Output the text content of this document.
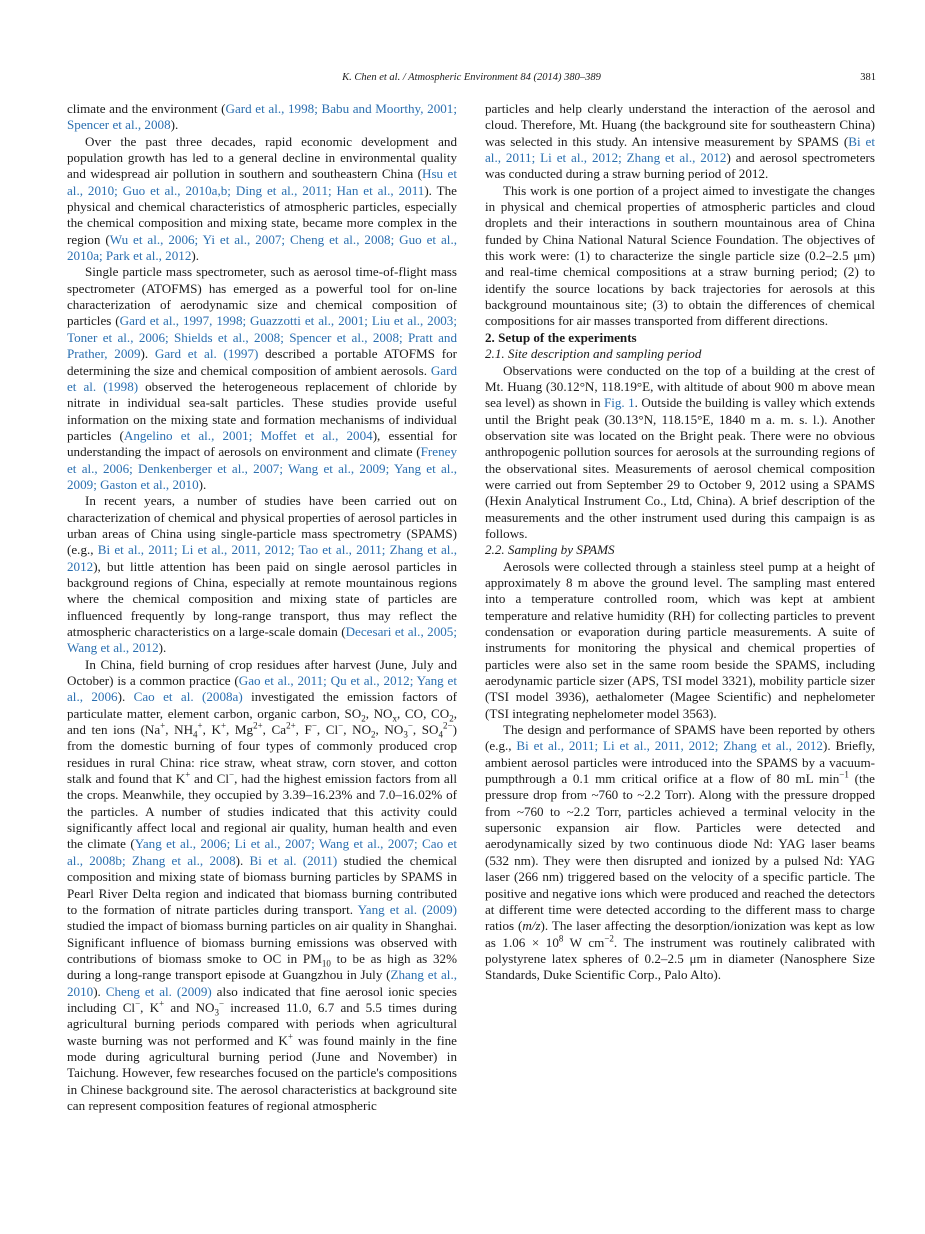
K. Chen et al. / Atmospheric Environment 84 (2014) 380–389	381

climate and the environment (Gard et al., 1998; Babu and Moorthy, 2001; Spencer et al., 2008).

Over the past three decades, rapid economic development and population growth has led to a general decline in environmental quality and widespread air pollution in southern and southeastern China (Hsu et al., 2010; Guo et al., 2010a,b; Ding et al., 2011; Han et al., 2011). The physical and chemical characteristics of atmospheric particles, especially the chemical composition and mixing state, became more complex in the region (Wu et al., 2006; Yi et al., 2007; Cheng et al., 2008; Guo et al., 2010a; Park et al., 2012).

Single particle mass spectrometer, such as aerosol time-of-flight mass spectrometer (ATOFMS) has emerged as a powerful tool for on-line characterization of aerodynamic size and chemical composition of particles (Gard et al., 1997, 1998; Guazzotti et al., 2001; Liu et al., 2003; Toner et al., 2006; Shields et al., 2008; Spencer et al., 2008; Pratt and Prather, 2009). Gard et al. (1997) described a portable ATOFMS for determining the size and chemical composition of ambient aerosols. Gard et al. (1998) observed the heterogeneous replacement of chloride by nitrate in individual sea-salt particles. These studies provide useful information on the mixing state and formation mechanisms of individual particles (Angelino et al., 2001; Moffet et al., 2004), essential for understanding the impact of aerosols on environment and climate (Freney et al., 2006; Denkenberger et al., 2007; Wang et al., 2009; Yang et al., 2009; Gaston et al., 2010).

In recent years, a number of studies have been carried out on characterization of chemical and physical properties of aerosol particles in urban areas of China using single-particle mass spectrometry (SPAMS) (e.g., Bi et al., 2011; Li et al., 2011, 2012; Tao et al., 2011; Zhang et al., 2012), but little attention has been paid on single aerosol particles in background regions of China, especially at remote mountainous regions where the chemical composition and mixing state of particles are influenced frequently by long-range transport, thus may reflect the atmospheric characteristics on a large-scale domain (Decesari et al., 2005; Wang et al., 2012).

In China, field burning of crop residues after harvest (June, July and October) is a common practice (Gao et al., 2011; Qu et al., 2012; Yang et al., 2006). Cao et al. (2008a) investigated the emission factors of particulate matter, element carbon, organic carbon, $SO_2$, $NO_x$, CO, $CO_2$, and ten ions (Na+, $NH_4^+$, K+, $Mg^{2+}$, $Ca^{2+}$, F−, Cl−, $NO_2$, $NO_3^-$, $SO_4^{2-}$) from the domestic burning of four types of commonly produced crop residues in rural China: rice straw, wheat straw, corn stover, and cotton stalk and found that K+ and Cl−, had the highest emission factors from all the crops. Meanwhile, they occupied by 3.39–16.23% and 7.0–16.02% of the particles. A number of studies indicated that this activity could significantly affect local and regional air quality, human health and even the climate (Yang et al., 2006; Li et al., 2007; Wang et al., 2007; Cao et al., 2008b; Zhang et al., 2008). Bi et al. (2011) studied the chemical composition and mixing state of biomass burning particles by SPAMS in Pearl River Delta region and indicated that biomass burning contributed to the formation of nitrate particles during transport. Yang et al. (2009) studied the impact of biomass burning particles on air quality in Shanghai. Significant influence of biomass burning emissions was observed with contributions of biomass smoke to OC in $PM_{10}$ to be as high as 32% during a long-range transport episode at Guangzhou in July (Zhang et al., 2010). Cheng et al. (2009) also indicated that fine aerosol ionic species including Cl−, K+ and $NO_3^-$ increased 11.0, 6.7 and 5.5 times during agricultural burning periods compared with periods when agricultural waste burning was not performed and K+ was found mainly in the fine mode during agricultural burning period (June and November) in Taichung. However, few researches focused on the particle's compositions in Chinese background site. The aerosol characteristics at background site can represent composition features of regional atmospheric

particles and help clearly understand the interaction of the aerosol and cloud. Therefore, Mt. Huang (the background site for southeastern China) was selected in this study. An intensive measurement by SPAMS (Bi et al., 2011; Li et al., 2012; Zhang et al., 2012) and aerosol spectrometers was conducted during a straw burning period of 2012.

This work is one portion of a project aimed to investigate the changes in physical and chemical properties of atmospheric particles and cloud droplets and their interactions in southern mountainous area of China funded by China National Natural Science Foundation. The objectives of this work were: (1) to characterize the single particle size (0.2–2.5 μm) and real-time chemical compositions at a straw burning period; (2) to identify the source locations by back trajectories for aerosols at this background mountainous site; (3) to obtain the differences of chemical compositions for air masses transported from different directions.

2. Setup of the experiments

2.1. Site description and sampling period

Observations were conducted on the top of a building at the crest of Mt. Huang (30.12°N, 118.19°E, with altitude of about 900 m above mean sea level) as shown in Fig. 1. Outside the building is valley which extends until the Bright peak (30.13°N, 118.15°E, 1840 m a. m. s. l.). Another observation site was located on the Bright peak. There were no obvious anthropogenic pollution sources for aerosols at the surrounding regions of the observational sites. Measurements of aerosol chemical composition were carried out from September 29 to October 9, 2012 using a SPAMS (Hexin Analytical Instrument Co., Ltd, China). A brief description of the measurements and the other instrument used during this campaign is as follows.

2.2. Sampling by SPAMS

Aerosols were collected through a stainless steel pump at a height of approximately 8 m above the ground level. The sampling mast entered into a temperature controlled room, which was kept at ambient temperature and relative humidity (RH) for collecting particles to prevent condensation or evaporation during particle measurements. A suite of instruments for monitoring the physical and chemical properties of particles were also set in the same room beside the SPAMS, including aerodynamic particle sizer (APS, TSI model 3321), mobility particle sizer (TSI model 3936), aethalometer (Magee Scientific) and nephelometer (TSI integrating nephelometer model 3563).

The design and performance of SPAMS have been reported by others (e.g., Bi et al., 2011; Li et al., 2011, 2012; Zhang et al., 2012). Briefly, ambient aerosol particles were introduced into the SPAMS by a vacuum-pumpthrough a 0.1 mm critical orifice at a flow of 80 mL $\min^{-1} (the$ pressure drop from ~760 to ~2.2 Torr). Along with the pressure dropped from ~760 to ~2.2 Torr, particles achieved a terminal velocity in the supersonic expansion air flow. Particles were detected and aerodynamically sized by two continuous diode Nd: YAG laser beams (532 nm). They were then disrupted and ionized by a pulsed Nd: YAG laser (266 nm) triggered based on the velocity of a specific particle. The positive and negative ions which were produced and reached the detectors at different time were detected according to the different mass to charge ratios (m/z). The laser affecting the desorption/ionization was kept as low as $1.06 \times 10^8$ W $cm^{-2}$. The instrument was routinely calibrated with polystyrene latex spheres of 0.2–2.5 μm in diameter (Nanosphere Size Standards, Duke Scientific Corp., Palo Alto).
